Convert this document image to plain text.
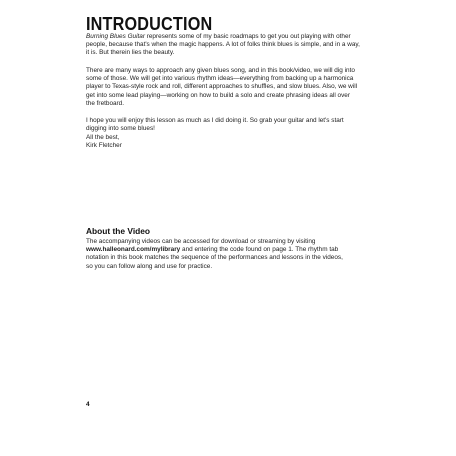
INTRODUCTION

Burning Blues Guitar represents some of my basic roadmaps to get you out playing with other
people, because that's when the magic happens. A lot of folks think blues is simple, and in a way,
it is. But therein lies the beauty.

There are many ways to approach any given blues song, and in this book/video, we will dig into
some of those. We will get into various rhythm ideas—everything from backing up a harmonica
player to Texas-style rock and roll, different approaches to shuffles, and slow blues. Also, we will
get into some lead playing—working on how to build a solo and create phrasing ideas all over
the fretboard.

I hope you will enjoy this lesson as much as I did doing it. So grab your guitar and let's start
digging into some blues!

All the best,
Kirk Fletcher

About the Video

The accompanying videos can be accessed for download or streaming by visiting
www.halleonard.com/mylibrary and entering the code found on page 1. The rhythm tab
notation in this book matches the sequence of the performances and lessons in the videos,
so you can follow along and use for practice.

4
